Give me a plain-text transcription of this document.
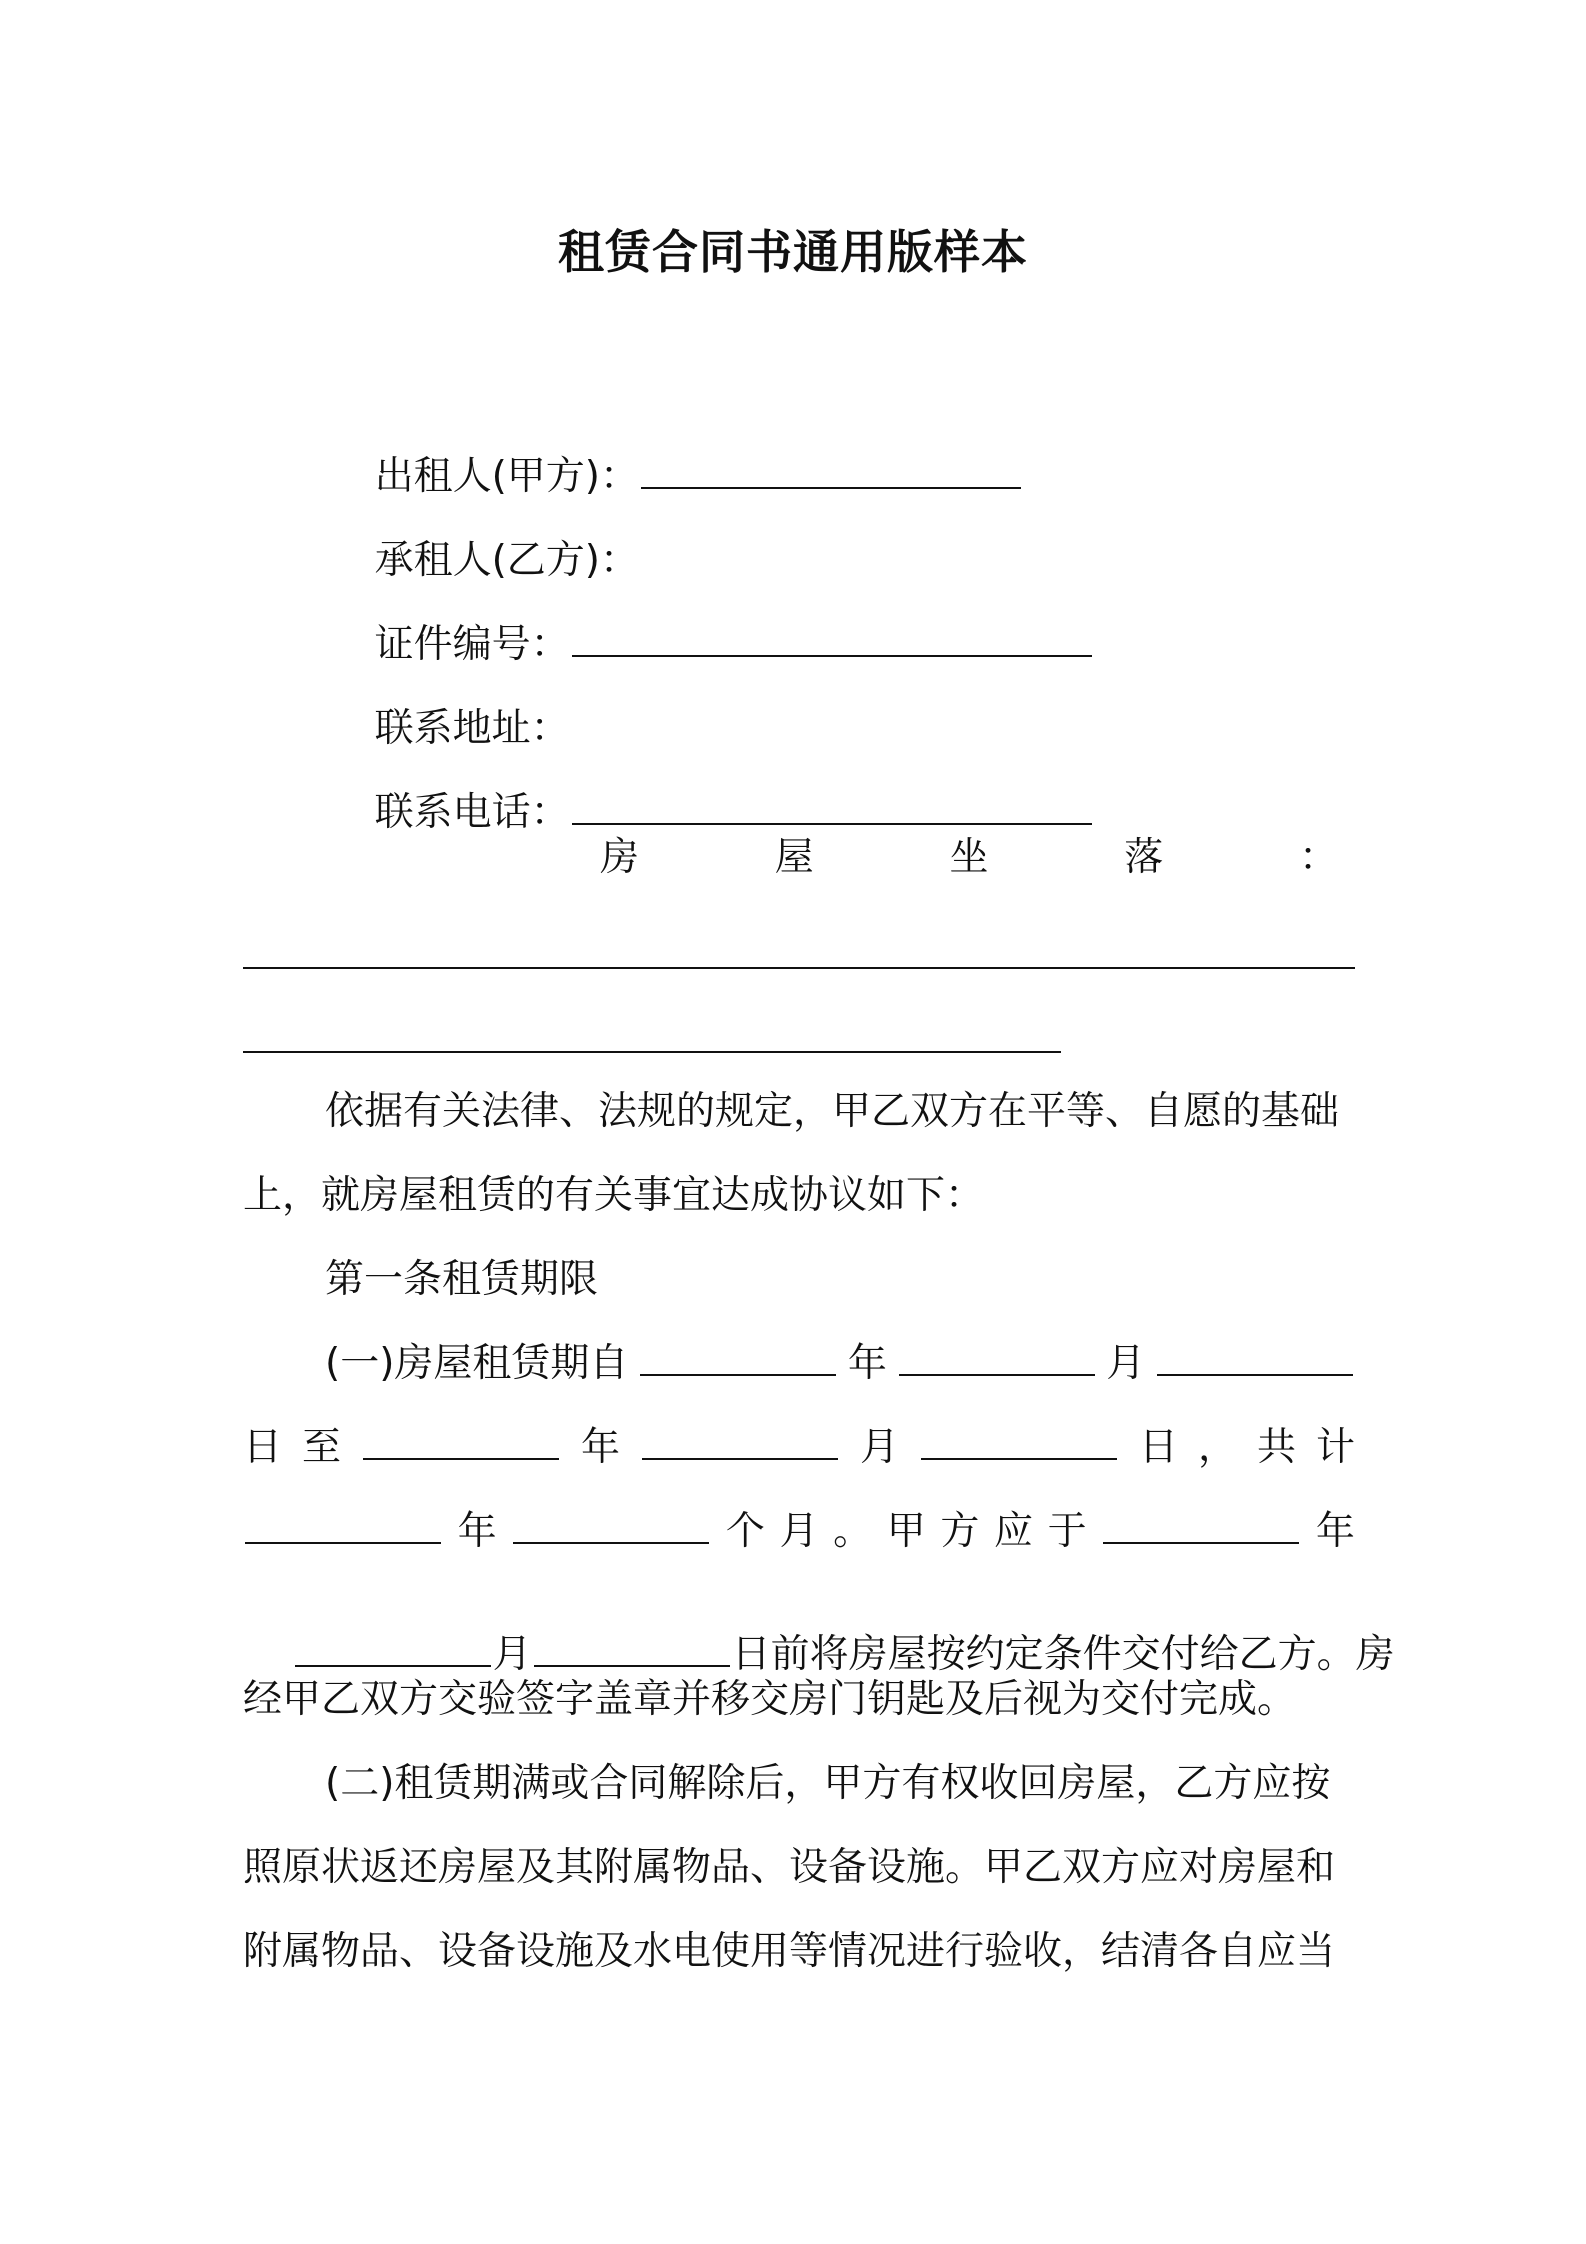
租赁合同书通用版样本

出租人(甲方)：

承租人(乙方)：

证件编号：

联系地址：

联系电话：

房	屋	坐	落	：
依据有关法律、法规的规定，甲乙双方在平等、自愿的基础
上，就房屋租赁的有关事宜达成协议如下：
第一条租赁期限
(一)房屋租赁期自	年	月
日 至	年	月	日 ， 共 计
年	个 月 。 甲 方 应 于	年

月	日前将房屋按约定条件交付给乙方。房

经甲乙双方交验签字盖章并移交房门钥匙及后视为交付完成。
(二)租赁期满或合同解除后，甲方有权收回房屋，乙方应按
照原状返还房屋及其附属物品、设备设施。甲乙双方应对房屋和
附属物品、设备设施及水电使用等情况进行验收，结清各自应当
